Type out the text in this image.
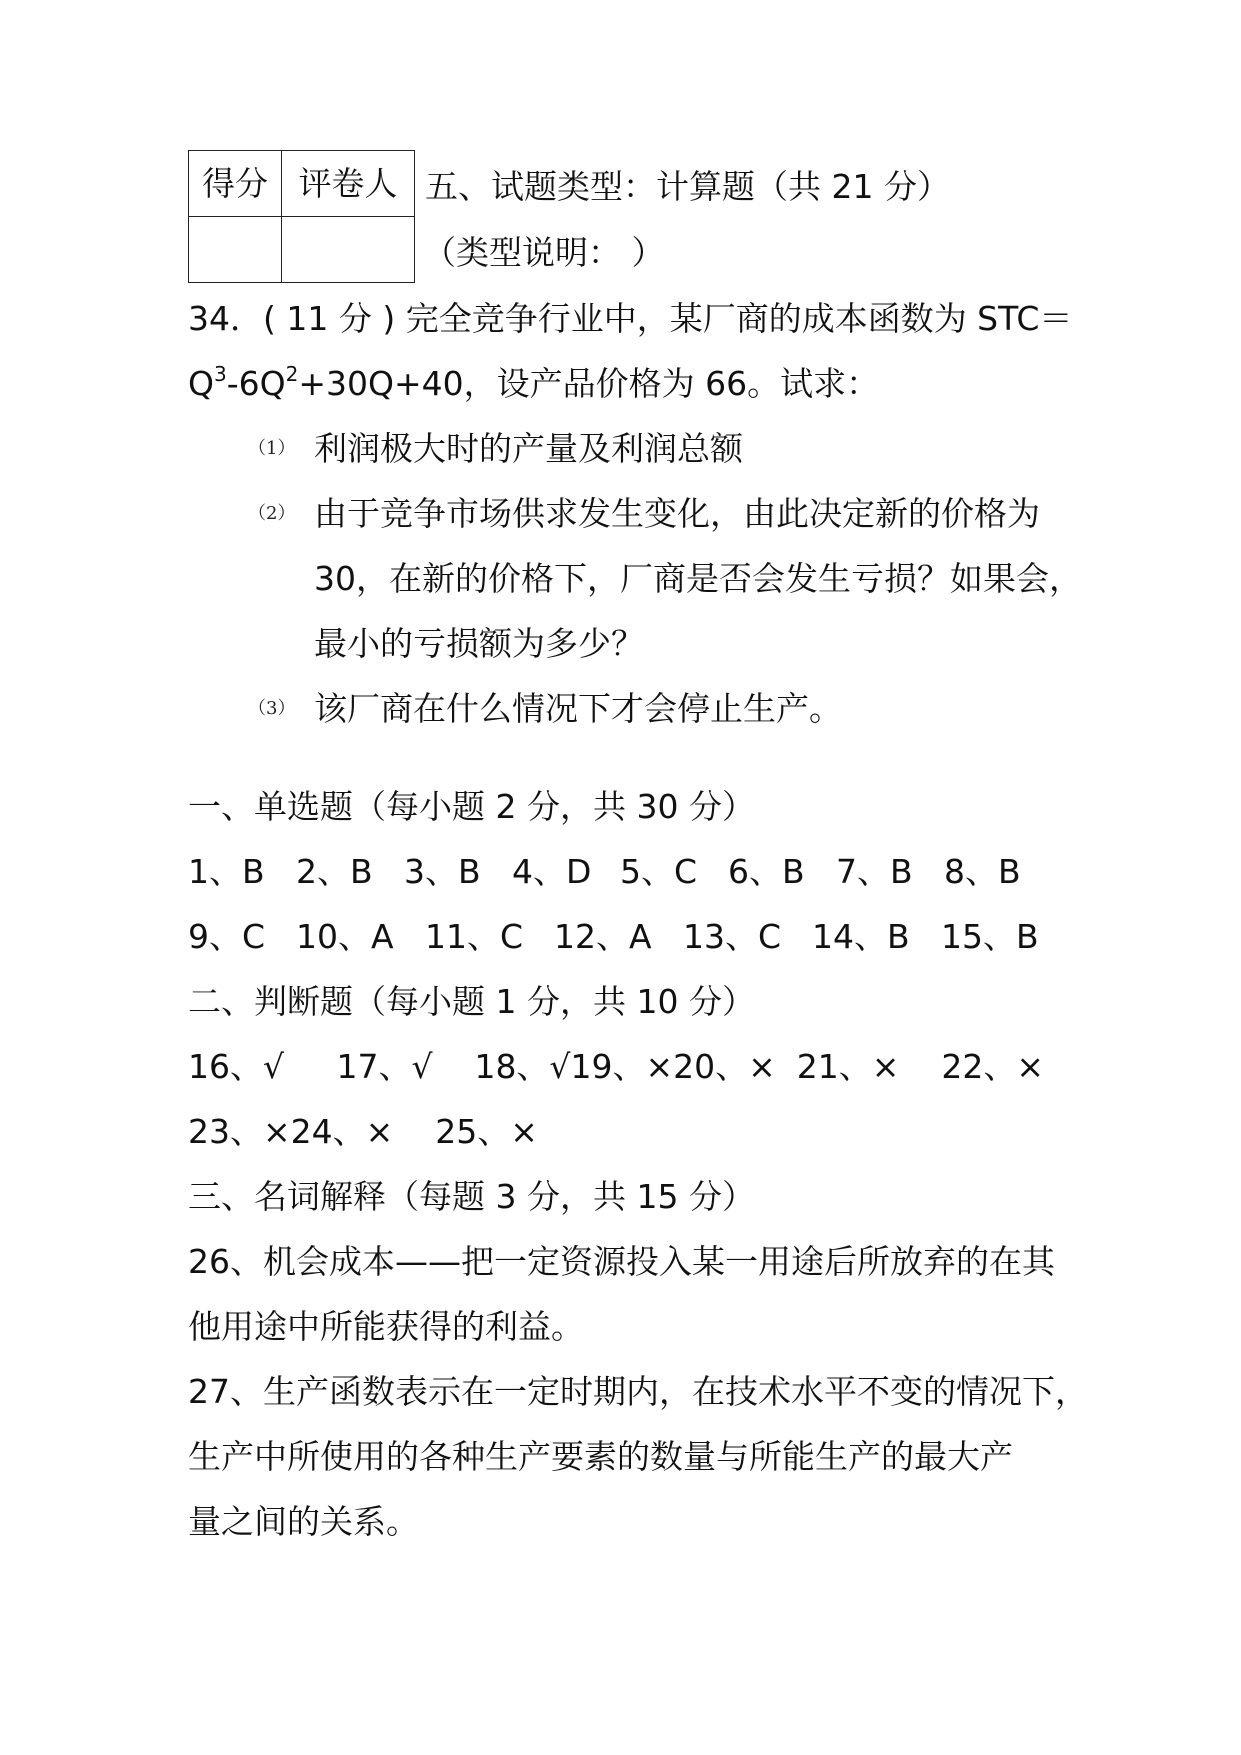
得分	评卷人
	五、试题类型：计算题（共 21 分）
（类型说明： ）
34．( 11 分 ) 完全竞争行业中，某厂商的成本函数为 STC＝
$Q^3-6Q^2+30Q+40$，设产品价格为 66。试求：
（1） 利润极大时的产量及利润总额
（2） 由于竞争市场供求发生变化，由此决定新的价格为
30，在新的价格下，厂商是否会发生亏损？如果会，
最小的亏损额为多少？
（3） 该厂商在什么情况下才会停止生产。
一、单选题（每小题 2 分，共 30 分）
1、B 2、B 3、B 4、D 5、C 6、B 7、B 8、B
9、C 10、A 11、C 12、A 13、C 14、B 15、B
二、判断题（每小题 1 分，共 10 分）
16、√     17、√    18、√19、×20、×  21、×    22、×
23、×24、×    25、×
三、名词解释（每题 3 分，共 15 分）
26、机会成本——把一定资源投入某一用途后所放弃的在其
他用途中所能获得的利益。
27、生产函数表示在一定时期内，在技术水平不变的情况下，
生产中所使用的各种生产要素的数量与所能生产的最大产
量之间的关系。
